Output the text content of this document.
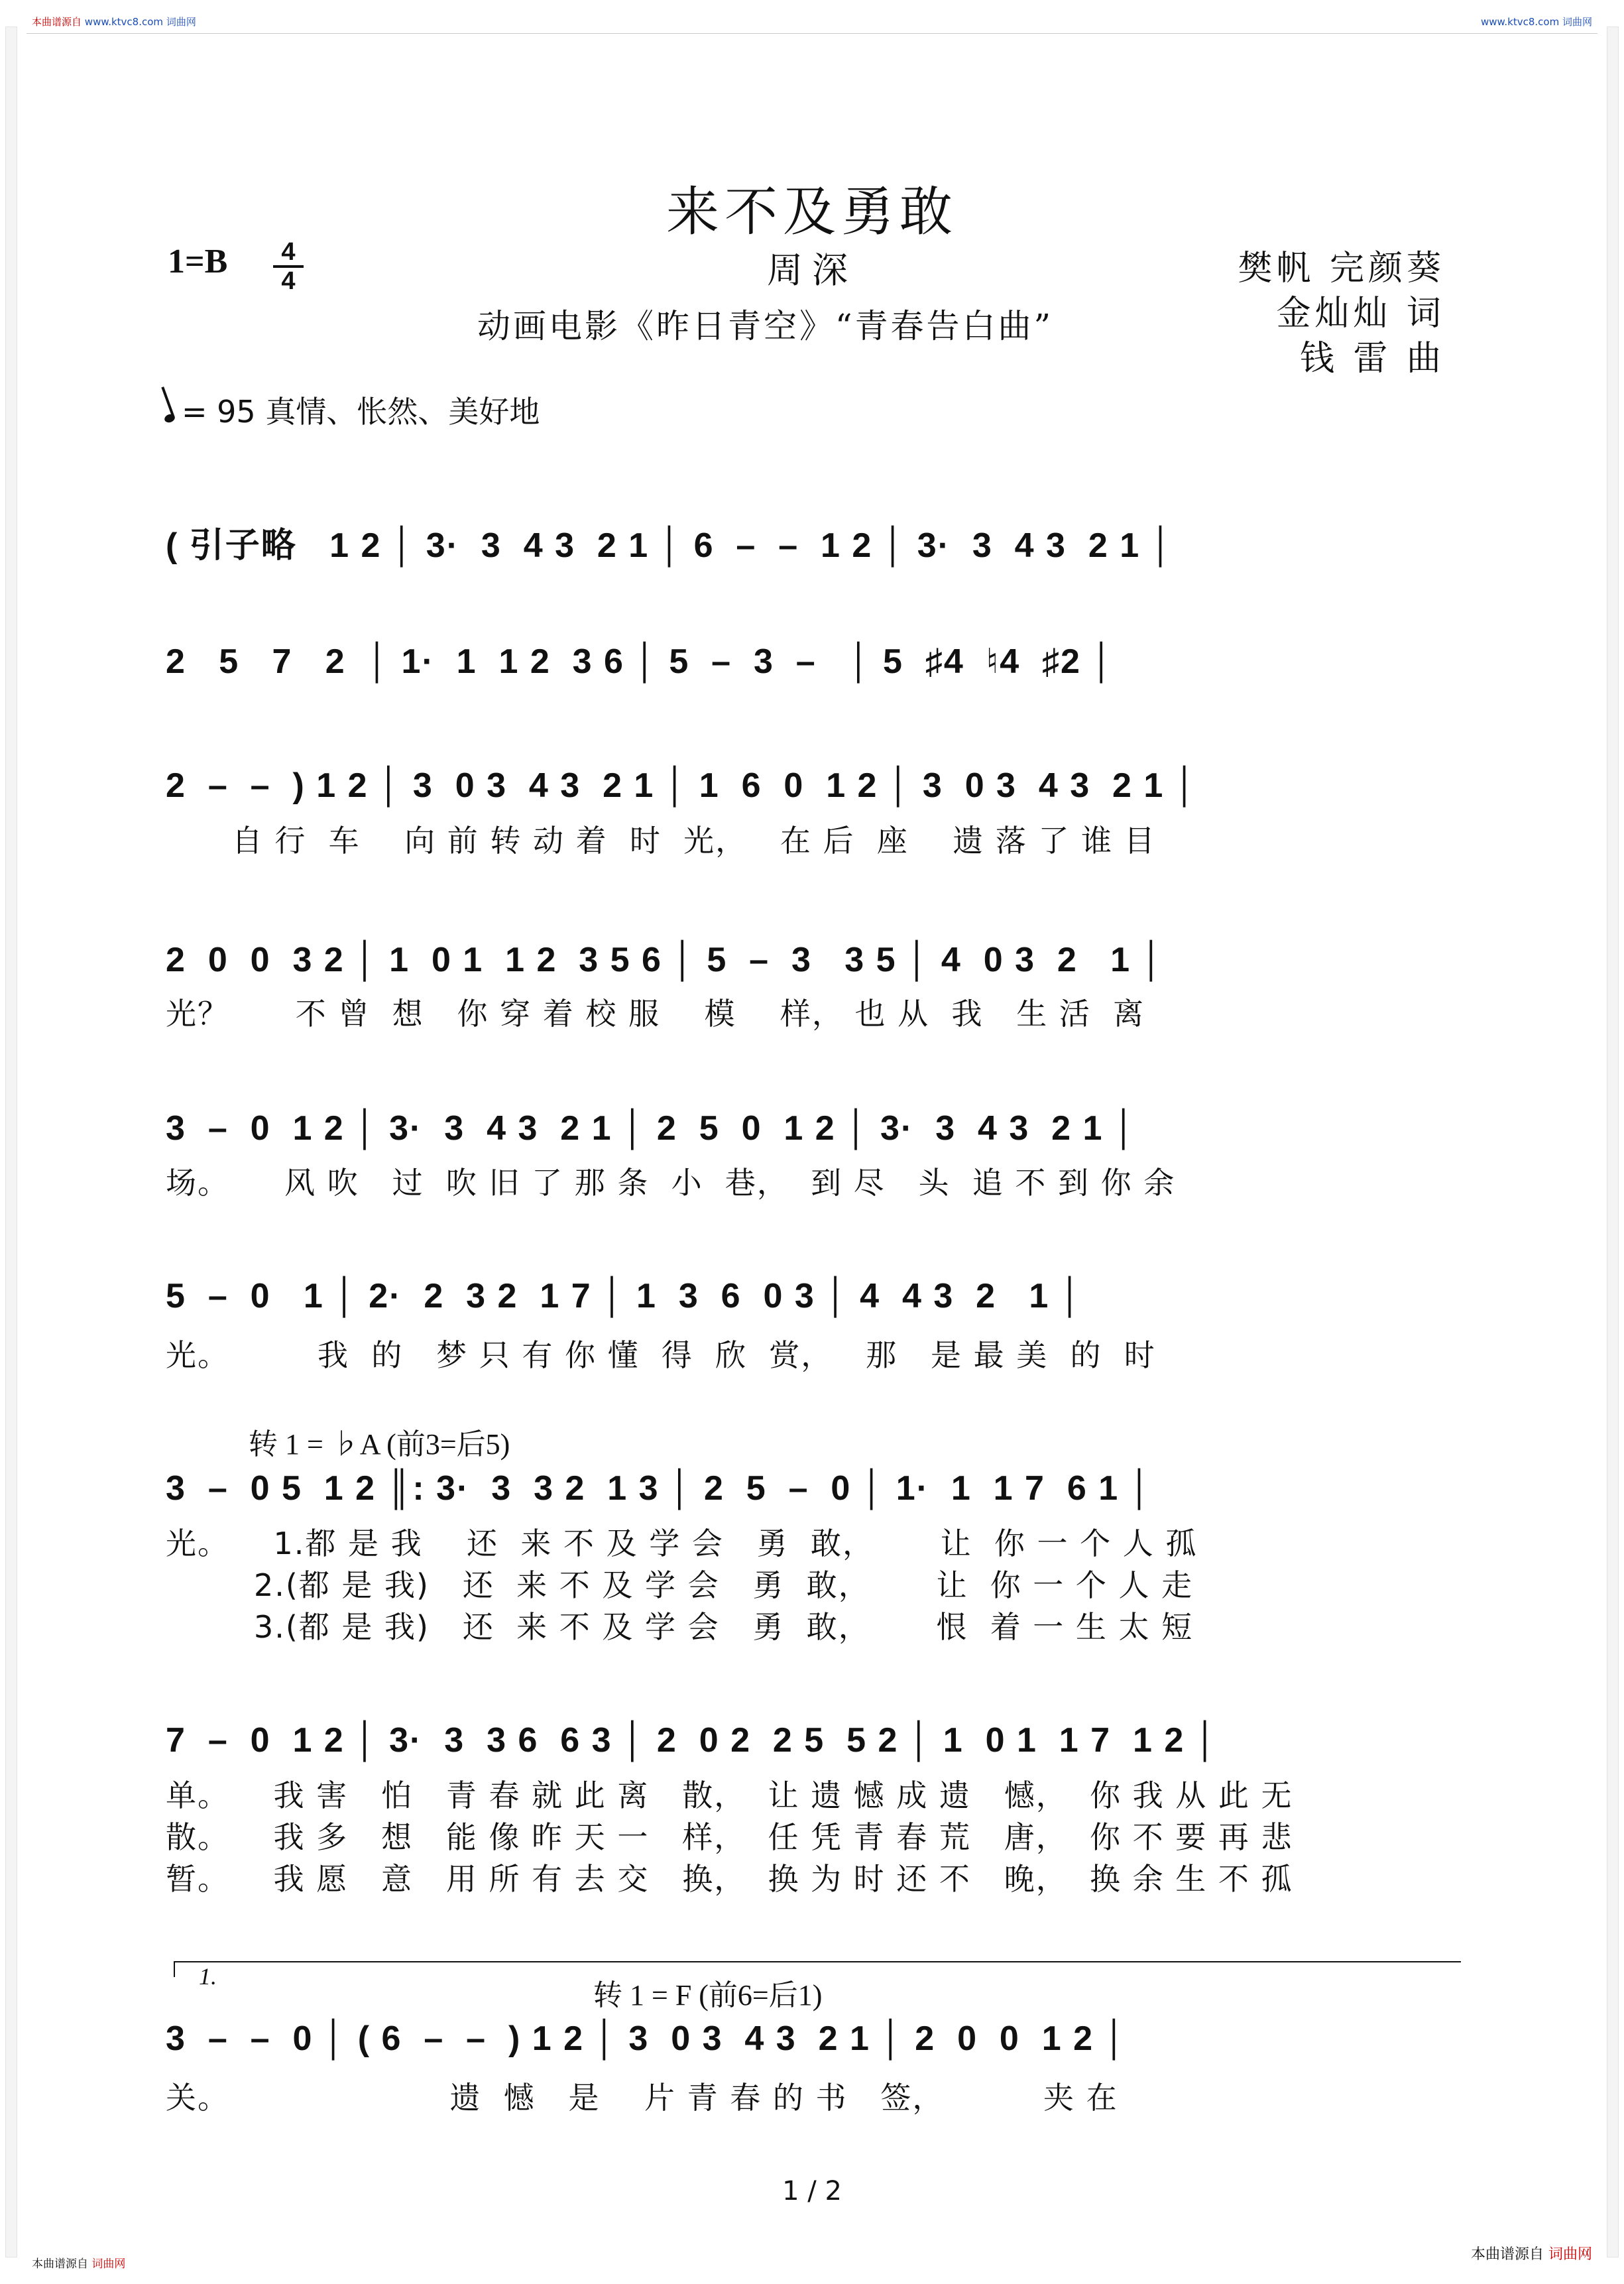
本曲谱源自 www.ktvc8.com 词曲网	www.ktvc8.com 词曲网
来不及勇敢
$1=B \frac{4}{4}$	周深
动画电影《昨日青空》“青春告白曲”
樊帆 完颜葵
金灿灿 词
钱 雷 曲
= 95 真情、怅然、美好地
( 引子略   1 2 │ 3·  3  4 3  2 1 │ 6  –  –  1 2 │ 3·  3  4 3  2 1 │
2   5   7   2  │ 1·  1  1 2  3 6 │ 5  –  3  –   │ 5  ♯4  ♮4  ♯2 │
2  –  –  ) 1 2 │ 3  0 3  4 3  2 1 │ 1  6  0  1 2 │ 3  0 3  4 3  2 1 │
自 行  车    向 前 转 动 着  时  光，   在 后  座    遗 落 了 谁 目
2  0  0  3 2 │ 1  0 1  1 2  3 5 6 │ 5  –  3   3 5 │ 4  0 3  2   1 │
光？      不 曾  想   你 穿 着 校 服    模    样， 也 从  我   生 活  离
3  –  0  1 2 │ 3·  3  4 3  2 1 │ 2  5  0  1 2 │ 3·  3  4 3  2 1 │
场。     风 吹   过  吹 旧 了 那 条  小  巷，  到 尽   头  追 不 到 你 余
5  –  0   1 │ 2·  2  3 2  1 7 │ 1  3  6  0 3 │ 4  4 3  2   1 │
光。        我  的   梦 只 有 你 懂  得  欣  赏，   那   是 最 美  的  时
转 1 = ♭A (前3=后5)
3  –  0 5  1 2 ║: 3·  3  3 2  1 3 │ 2  5  –  0 │ 1·  1  1 7  6 1 │
光。    1.都 是 我    还  来 不 及 学 会   勇  敢，      让  你 一 个 人 孤
2.(都 是 我)   还  来 不 及 学 会   勇  敢，      让  你 一 个 人 走
3.(都 是 我)   还  来 不 及 学 会   勇  敢，      恨  着 一 生 太 短
7  –  0  1 2 │ 3·  3  3 6  6 3 │ 2  0 2  2 5  5 2 │ 1  0 1  1 7  1 2 │
单。    我 害   怕   青 春 就 此 离   散，  让 遗 憾 成 遗   憾，  你 我 从 此 无
散。    我 多   想   能 像 昨 天 一   样，  任 凭 青 春 荒   唐，  你 不 要 再 悲
暂。    我 愿   意   用 所 有 去 交   换，  换 为 时 还 不   晚，  换 余 生 不 孤
1.
转 1 = F (前6=后1)
3  –  –  0 │ ( 6  –  –  ) 1 2 │ 3  0 3  4 3  2 1 │ 2  0  0  1 2 │
关。                    遗  憾   是    片 青 春 的 书   签，         夹 在
1 / 2
本曲谱源自 词曲网
本曲谱源自 词曲网
